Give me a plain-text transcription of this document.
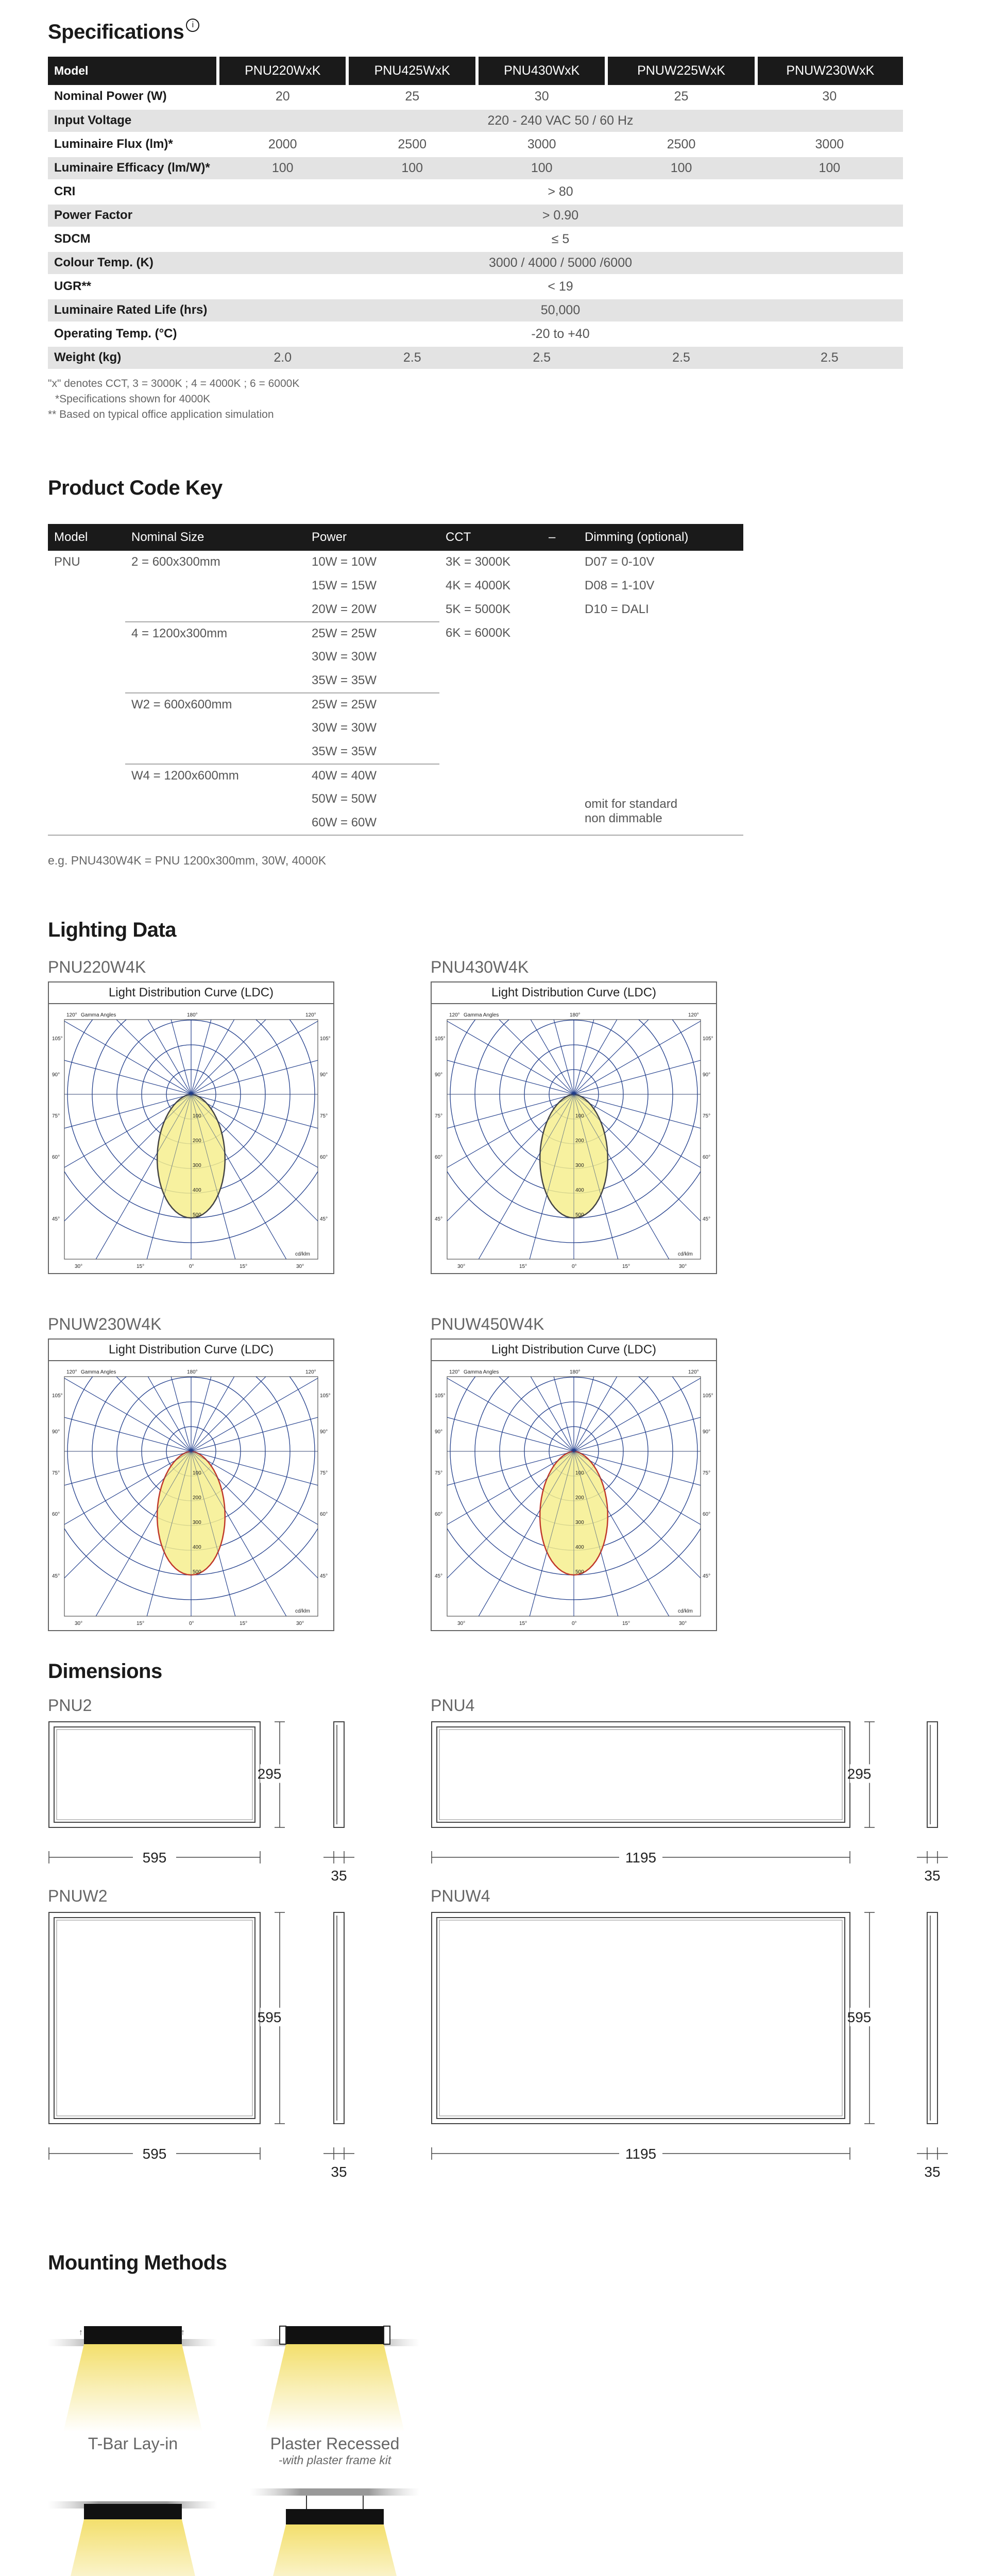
Specifications $^i$
Model	PNU220WxK	PNU425WxK	PNU430WxK	PNUW225WxK	PNUW230WxK
Nominal Power (W)	20	25	30	25	30
Input Voltage	220 - 240 VAC 50 / 60 Hz				
Luminaire Flux (lm)*	2000	2500	3000	2500	3000
Luminaire Efficacy (lm/W)*	100	100	100	100	100
CRI	> 80				
Power Factor	> 0.90				
SDCM	≤ 5				
Colour Temp. (K)	3000 / 4000 / 5000 /6000				
UGR**	< 19				
Luminaire Rated Life (hrs)	50,000				
Operating Temp. (°C)	-20 to +40				
Weight (kg)	2.0	2.5	2.5	2.5	2.5
"x" denotes CCT, 3 = 3000K ; 4 = 4000K ; 6 = 6000K
*Specifications shown for 4000K
** Based on typical office application simulation
Product Code Key
Model	Nominal Size	Power	CCT	–	Dimming (optional)
PNU	2 = 600x300mm	10W = 10W	3K = 3000K		D07 = 0-10V
		15W = 15W	4K = 4000K		D08 = 1-10V
		20W = 20W	5K = 5000K		D10 = DALI
	4 = 1200x300mm	25W = 25W	6K = 6000K		
		30W = 30W			
		35W = 35W			
	W2 = 600x600mm	25W = 25W			
		30W = 30W			
		35W = 35W			
	W4 = 1200x600mm	40W = 40W			
		50W = 50W			omit for standard
		60W = 60W			non dimmable
e.g. PNU430W4K = PNU 1200x300mm, 30W, 4000K
Lighting Data
PNU220W4K
Light Distribution Curve (LDC)
120°	180°	120°
Gamma Angles
105°	105°
90°	90°
75°	75°
60°	60°
45°	45°
30°	15°	0°	15°	30°
100
200
300
400
500
cd/klm
PNU430W4K
Light Distribution Curve (LDC)
120°	180°	120°
Gamma Angles
105°	105°
90°	90°
75°	75°
60°	60°
45°	45°
30°	15°	0°	15°	30°
100
200
300
400
500
cd/klm
PNUW230W4K
Light Distribution Curve (LDC)
120°	180°	120°
Gamma Angles
105°	105°
90°	90°
75°	75°
60°	60°
45°	45°
30°	15°	0°	15°	30°
100
200
300
400
500
cd/klm
PNUW450W4K
Light Distribution Curve (LDC)
120°	180°	120°
Gamma Angles
105°	105°
90°	90°
75°	75°
60°	60°
45°	45°
30°	15°	0°	15°	30°
100
200
300
400
500
cd/klm
Dimensions
PNU2
295
595
35
PNU4
295
1195
35
PNUW2
595
595
35
PNUW4
595
1195
35
Mounting Methods
↑	↑
T-Bar Lay-in	Plaster Recessed
-with plaster frame kit
